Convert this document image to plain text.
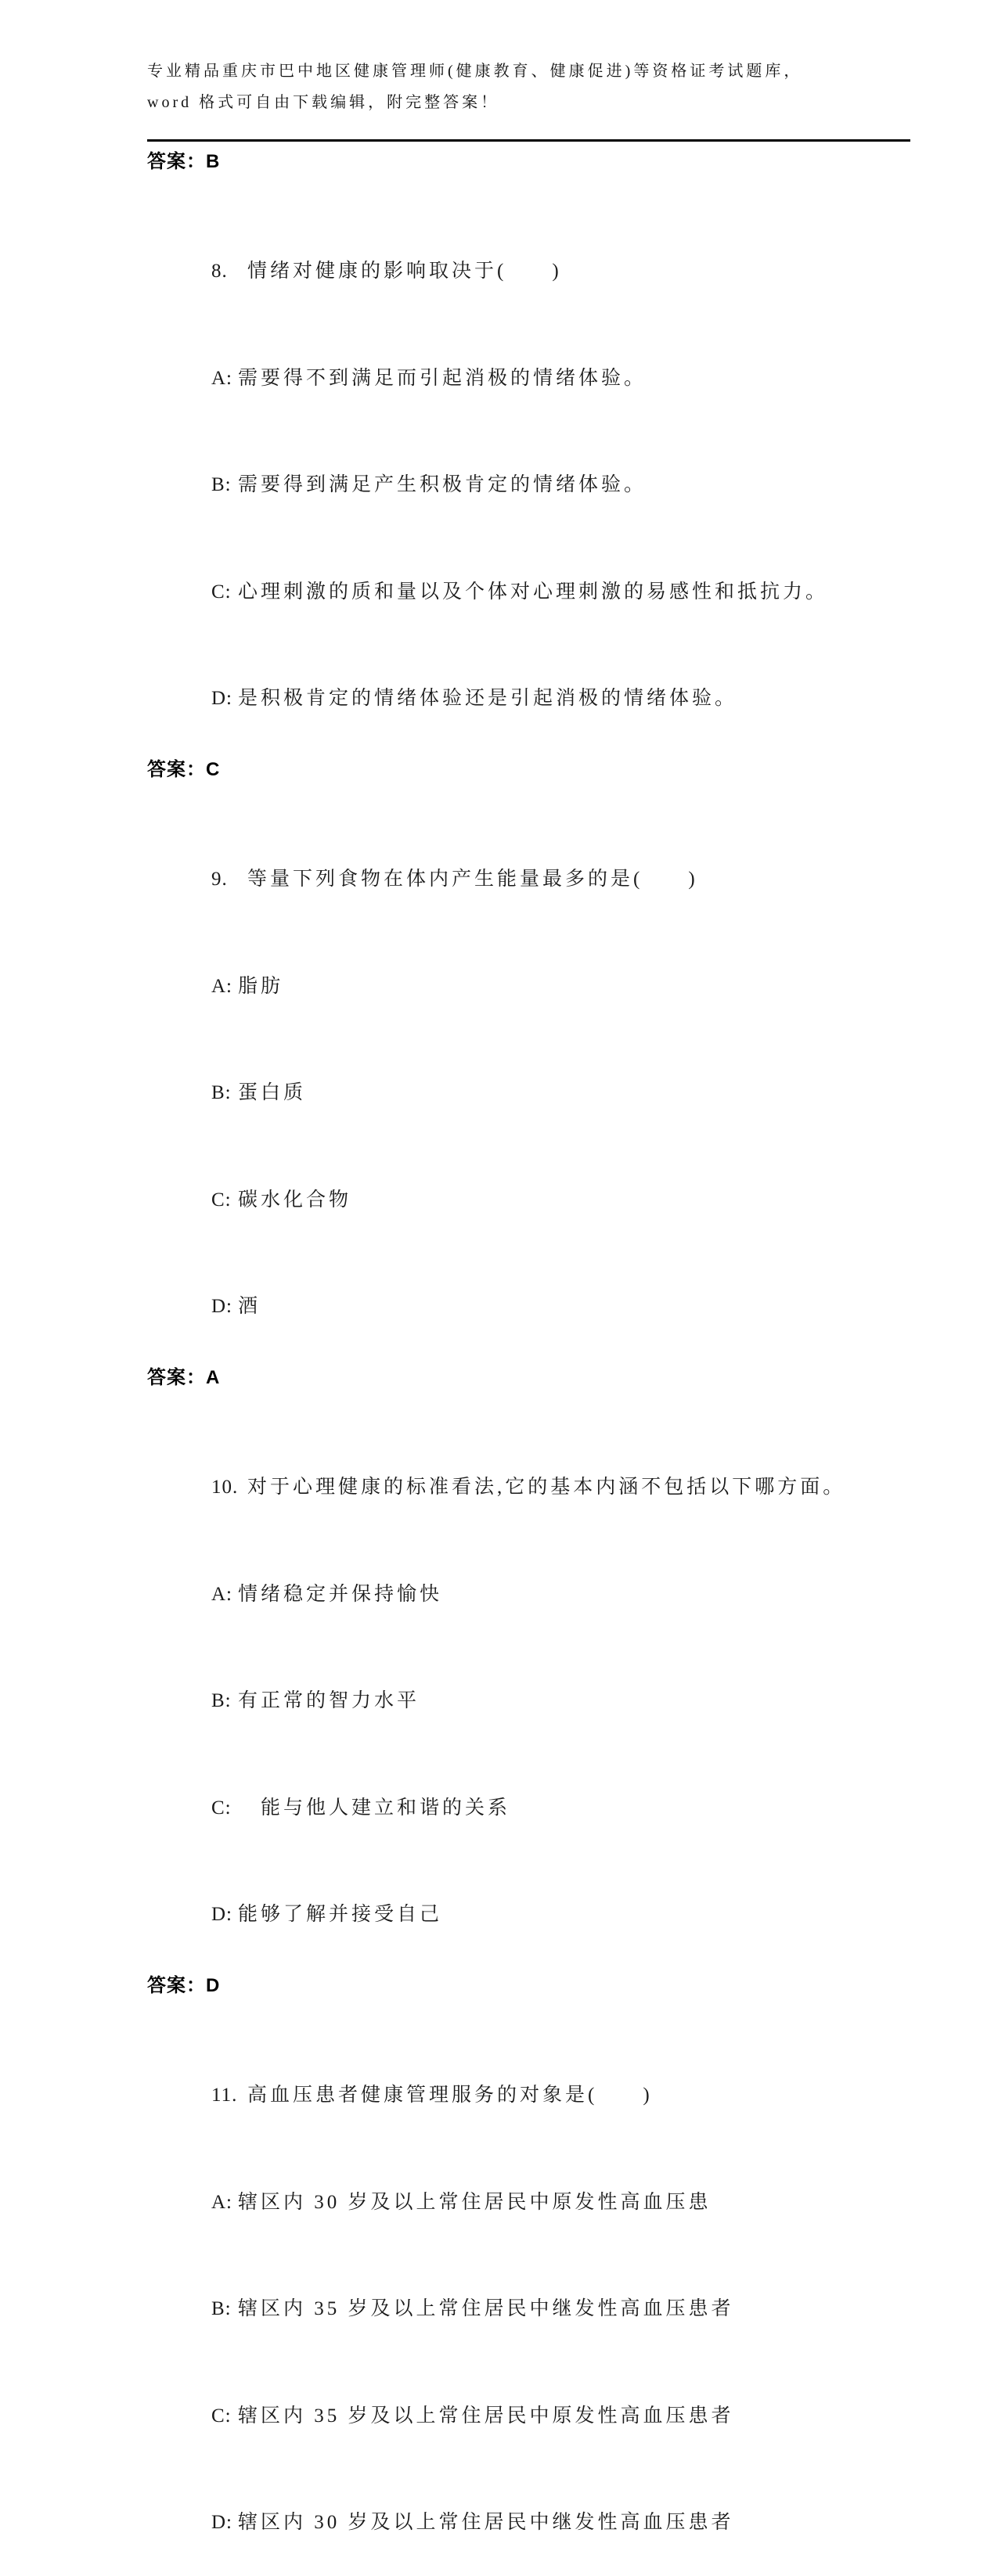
专业精品重庆市巴中地区健康管理师(健康教育、健康促进)等资格证考试题库，
word 格式可自由下载编辑，附完整答案！
答案：B

8. 情绪对健康的影响取决于(　　)

A: 需要得不到满足而引起消极的情绪体验。

B: 需要得到满足产生积极肯定的情绪体验。

C: 心理刺激的质和量以及个体对心理刺激的易感性和抵抗力。

D: 是积极肯定的情绪体验还是引起消极的情绪体验。

答案：C

9. 等量下列食物在体内产生能量最多的是(　　)

A: 脂肪

B: 蛋白质

C: 碳水化合物

D: 酒

答案：A

10. 对于心理健康的标准看法,它的基本内涵不包括以下哪方面。

A: 情绪稳定并保持愉快

B: 有正常的智力水平

C:　能与他人建立和谐的关系

D: 能够了解并接受自己

答案：D

11. 高血压患者健康管理服务的对象是(　　)

A: 辖区内 30 岁及以上常住居民中原发性高血压患

B: 辖区内 35 岁及以上常住居民中继发性高血压患者

C: 辖区内 35 岁及以上常住居民中原发性高血压患者

D: 辖区内 30 岁及以上常住居民中继发性高血压患者
